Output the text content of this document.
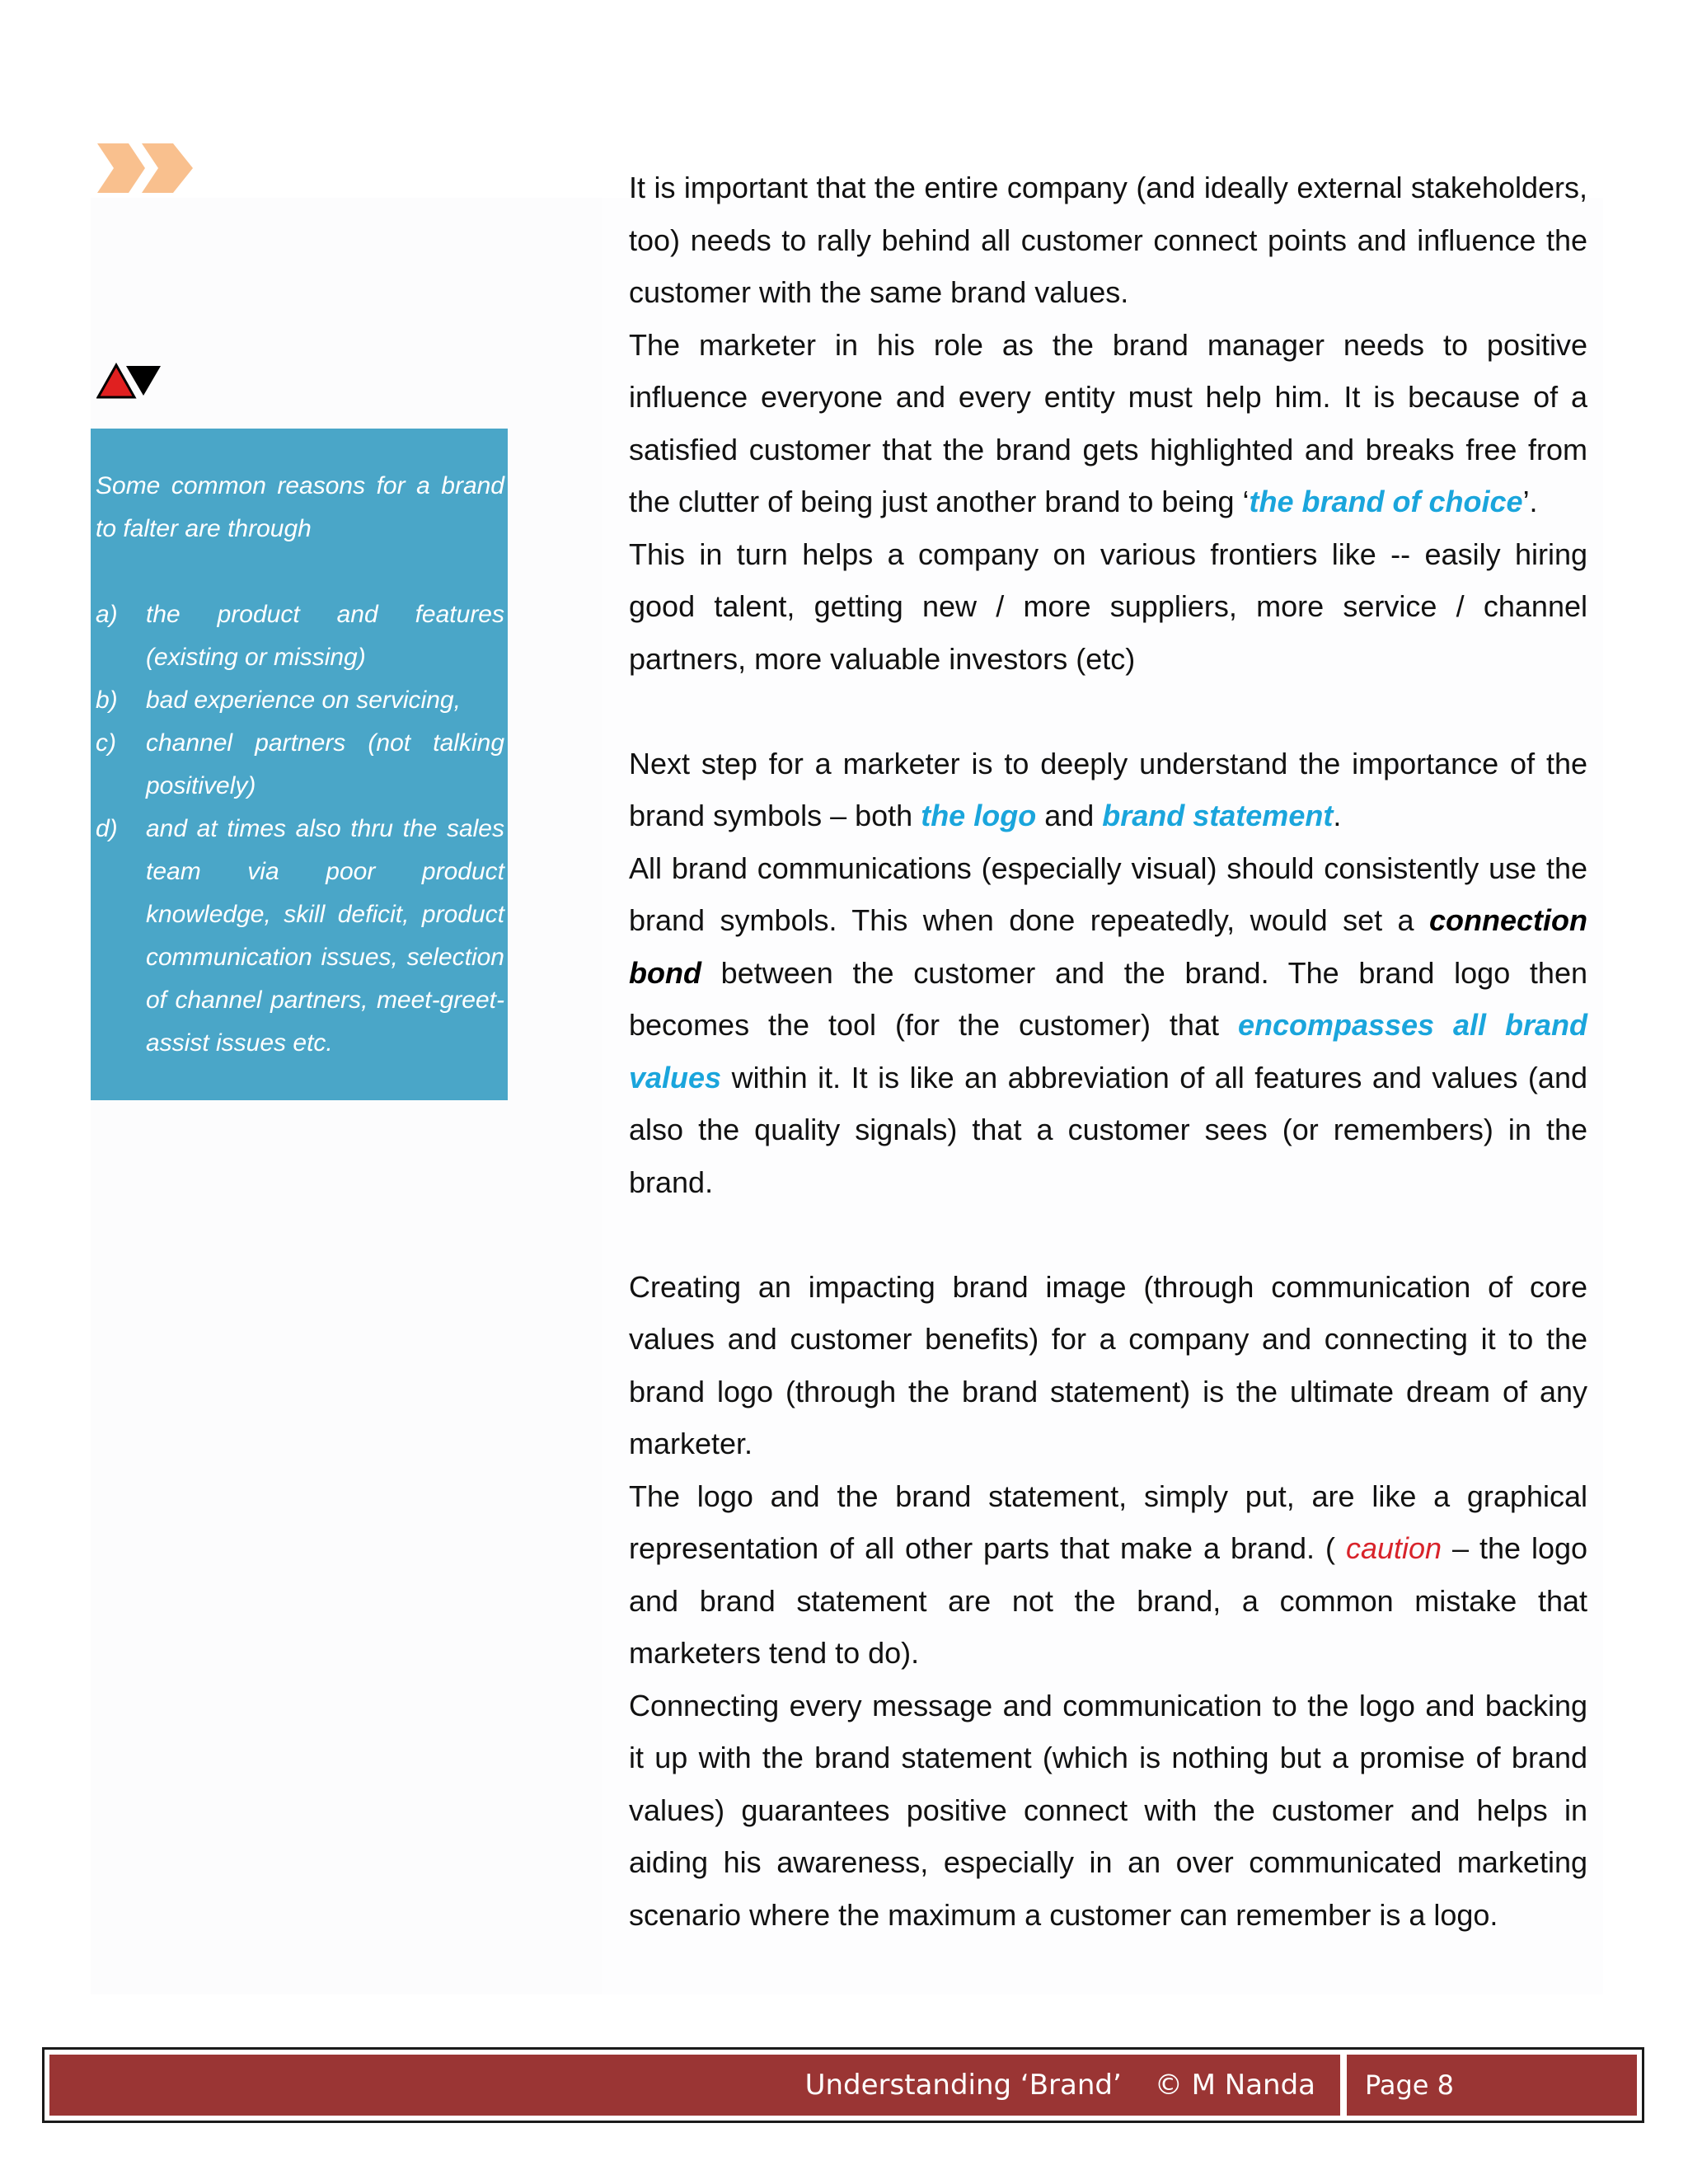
Some common reasons for a brand to falter are through

a) the product and features (existing or missing)
b) bad experience on servicing,
c) channel partners (not talking positively)
d) and at times also thru the sales team via poor product knowledge, skill deficit, product communication issues, selection of channel partners, meet-greet-assist issues etc.

It is important that the entire company (and ideally external stakeholders, too) needs to rally behind all customer connect points and influence the customer with the same brand values.

The marketer in his role as the brand manager needs to positive influence everyone and every entity must help him. It is because of a satisfied customer that the brand gets highlighted and breaks free from the clutter of being just another brand to being ‘the brand of choice’.

This in turn helps a company on various frontiers like -- easily hiring good talent, getting new / more suppliers, more service / channel partners, more valuable investors (etc)

Next step for a marketer is to deeply understand the importance of the brand symbols – both the logo and brand statement.

All brand communications (especially visual) should consistently use the brand symbols. This when done repeatedly, would set a connection bond between the customer and the brand. The brand logo then becomes the tool (for the customer) that encompasses all brand values within it. It is like an abbreviation of all features and values (and also the quality signals) that a customer sees (or remembers) in the brand.

Creating an impacting brand image (through communication of core values and customer benefits) for a company and connecting it to the brand logo (through the brand statement) is the ultimate dream of any marketer.

The logo and the brand statement, simply put, are like a graphical representation of all other parts that make a brand. ( caution – the logo and brand statement are not the brand, a common mistake that marketers tend to do).

Connecting every message and communication to the logo and backing it up with the brand statement (which is nothing but a promise of brand values) guarantees positive connect with the customer and helps in aiding his awareness, especially in an over communicated marketing scenario where the maximum a customer can remember is a logo.

Understanding ‘Brand’ © M Nanda	Page 8
